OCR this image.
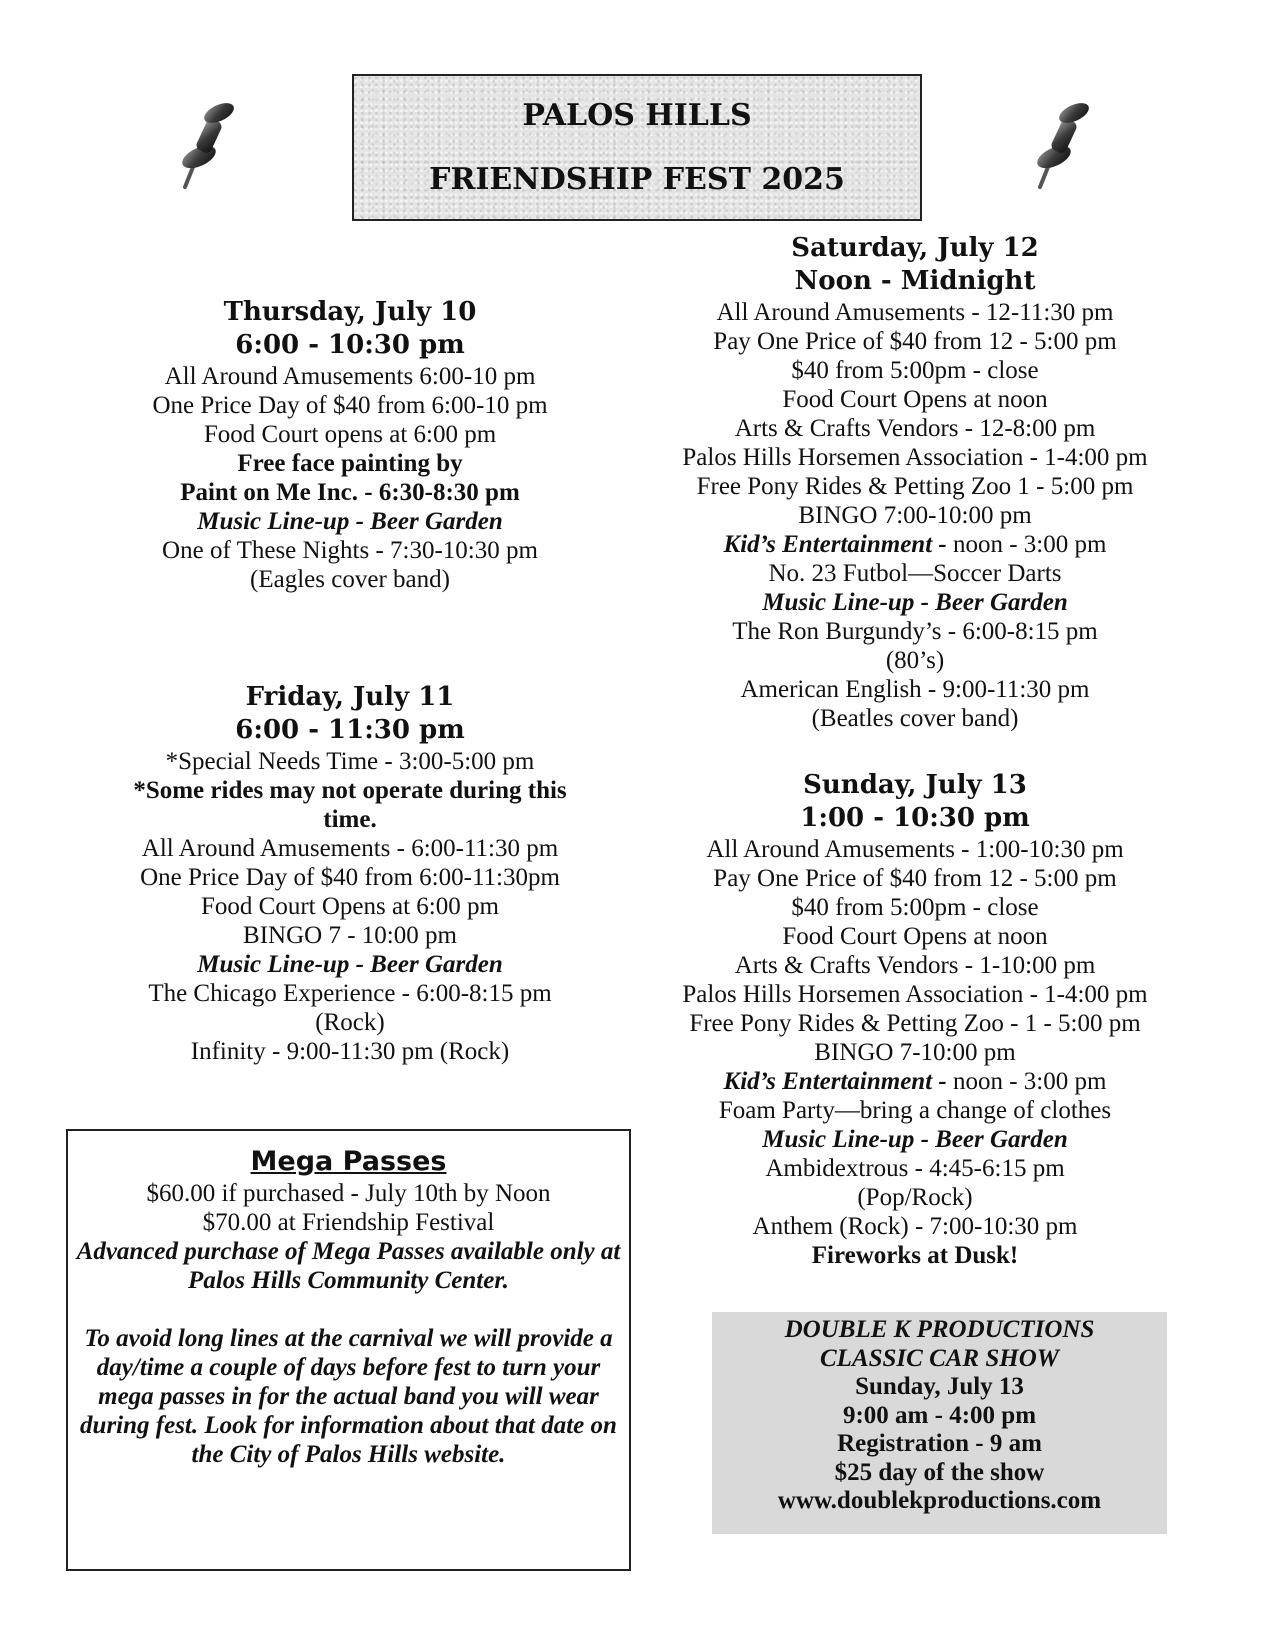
PALOS HILLS
FRIENDSHIP FEST 2025
Thursday, July 10
6:00 - 10:30 pm
All Around Amusements 6:00-10 pm
One Price Day of $40 from 6:00-10 pm
Food Court opens at 6:00 pm
Free face painting by
Paint on Me Inc. - 6:30-8:30 pm
Music Line-up - Beer Garden
One of These Nights - 7:30-10:30 pm
(Eagles cover band)
Friday, July 11
6:00 - 11:30 pm
*Special Needs Time - 3:00-5:00 pm
*Some rides may not operate during this
time.
All Around Amusements - 6:00-11:30 pm
One Price Day of $40 from 6:00-11:30pm
Food Court Opens at 6:00 pm
BINGO 7 - 10:00 pm
Music Line-up - Beer Garden
The Chicago Experience - 6:00-8:15 pm
(Rock)
Infinity - 9:00-11:30 pm (Rock)
Saturday, July 12
Noon - Midnight
All Around Amusements - 12-11:30 pm
Pay One Price of $40 from 12 - 5:00 pm
$40 from 5:00pm - close
Food Court Opens at noon
Arts & Crafts Vendors - 12-8:00 pm
Palos Hills Horsemen Association - 1-4:00 pm
Free Pony Rides & Petting Zoo 1 - 5:00 pm
BINGO 7:00-10:00 pm
Kid’s Entertainment - noon - 3:00 pm
No. 23 Futbol—Soccer Darts
Music Line-up - Beer Garden
The Ron Burgundy’s - 6:00-8:15 pm
(80’s)
American English - 9:00-11:30 pm
(Beatles cover band)
Sunday, July 13
1:00 - 10:30 pm
All Around Amusements - 1:00-10:30 pm
Pay One Price of $40 from 12 - 5:00 pm
$40 from 5:00pm - close
Food Court Opens at noon
Arts & Crafts Vendors - 1-10:00 pm
Palos Hills Horsemen Association - 1-4:00 pm
Free Pony Rides & Petting Zoo - 1 - 5:00 pm
BINGO 7-10:00 pm
Kid’s Entertainment - noon - 3:00 pm
Foam Party—bring a change of clothes
Music Line-up - Beer Garden
Ambidextrous - 4:45-6:15 pm
(Pop/Rock)
Anthem (Rock) - 7:00-10:30 pm
Fireworks at Dusk!
Mega Passes
$60.00 if purchased - July 10th by Noon
$70.00 at Friendship Festival
Advanced purchase of Mega Passes available only at Palos Hills Community Center.
To avoid long lines at the carnival we will provide a day/time a couple of days before fest to turn your mega passes in for the actual band you will wear during fest. Look for information about that date on the City of Palos Hills website.
DOUBLE K PRODUCTIONS
CLASSIC CAR SHOW
Sunday, July 13
9:00 am - 4:00 pm
Registration - 9 am
$25 day of the show
www.doublekproductions.com
